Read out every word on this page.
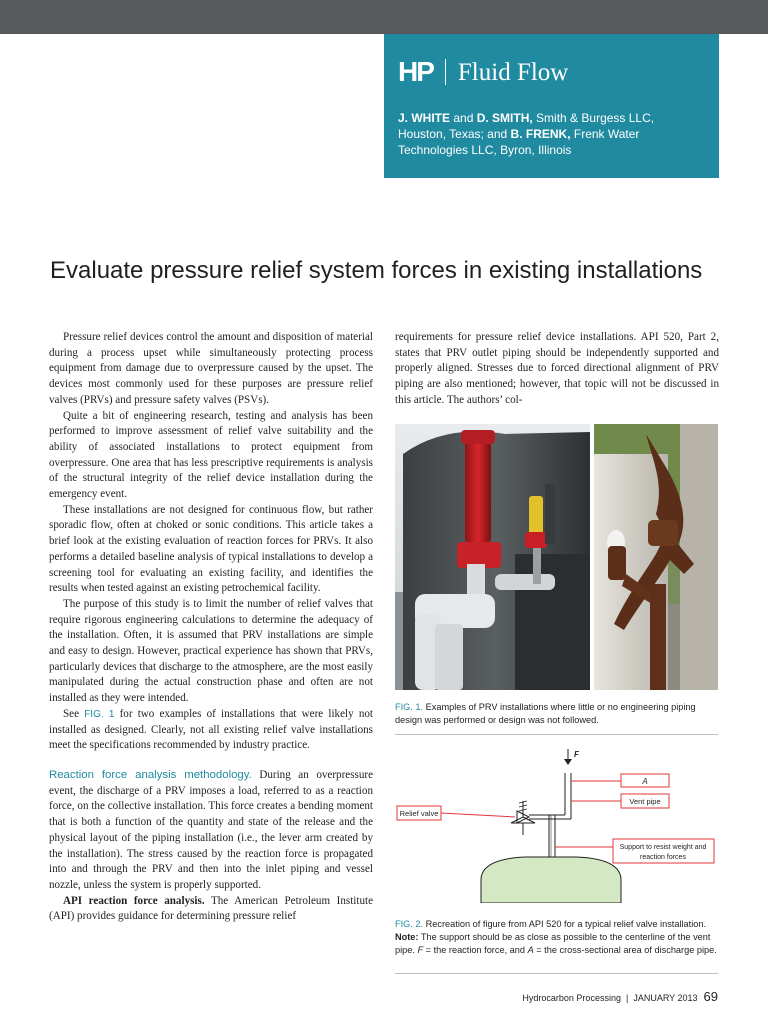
HP Fluid Flow
J. WHITE and D. SMITH, Smith & Burgess LLC, Houston, Texas; and B. FRENK, Frenk Water Technologies LLC, Byron, Illinois
Evaluate pressure relief system forces in existing installations

Pressure relief devices control the amount and disposition of material during a process upset while simultaneously protecting process equipment from damage due to overpressure caused by the upset. The devices most commonly used for these purposes are pressure relief valves (PRVs) and pressure safety valves (PSVs).

Quite a bit of engineering research, testing and analysis has been performed to improve assessment of relief valve suitability and the ability of associated installations to protect equipment from overpressure. One area that has less prescriptive requirements is analysis of the structural integrity of the relief device installation during the emergency event.

These installations are not designed for continuous flow, but rather sporadic flow, often at choked or sonic conditions. This article takes a brief look at the existing evaluation of reaction forces for PRVs. It also performs a detailed baseline analysis of typical installations to develop a screening tool for evaluating an existing facility, and identifies the results when tested against an existing petrochemical facility.

The purpose of this study is to limit the number of relief valves that require rigorous engineering calculations to determine the adequacy of the installation. Often, it is assumed that PRV installations are simple and easy to design. However, practical experience has shown that PRVs, particularly devices that discharge to the atmosphere, are the most easily manipulated during the actual construction phase and often are not installed as they were intended.

See FIG. 1 for two examples of installations that were likely not installed as designed. Clearly, not all existing relief valve installations meet the specifications recommended by industry practice.

Reaction force analysis methodology. During an overpressure event, the discharge of a PRV imposes a load, referred to as a reaction force, on the collective installation. This force creates a bending moment that is both a function of the quantity and state of the release and the physical layout of the piping installation (i.e., the lever arm created by the installation). The stress caused by the reaction force is propagated into and through the PRV and then into the inlet piping and vessel nozzle, unless the system is properly supported.

API reaction force analysis. The American Petroleum Institute (API) provides guidance for determining pressure relief

requirements for pressure relief device installations. API 520, Part 2, states that PRV outlet piping should be independently supported and properly aligned. Stresses due to forced directional alignment of PRV piping are also mentioned; however, that topic will not be discussed in this article. The authors’ col-

FIG. 1. Examples of PRV installations where little or no engineering piping design was performed or design was not followed.
F
A
Vent pipe
Relief valve
Support to resist weight and
reaction forces
FIG. 2. Recreation of figure from API 520 for a typical relief valve installation. Note: The support should be as close as possible to the centerline of the vent pipe. F = the reaction force, and A = the cross-sectional area of discharge pipe.
Hydrocarbon Processing | JANUARY 2013 69
